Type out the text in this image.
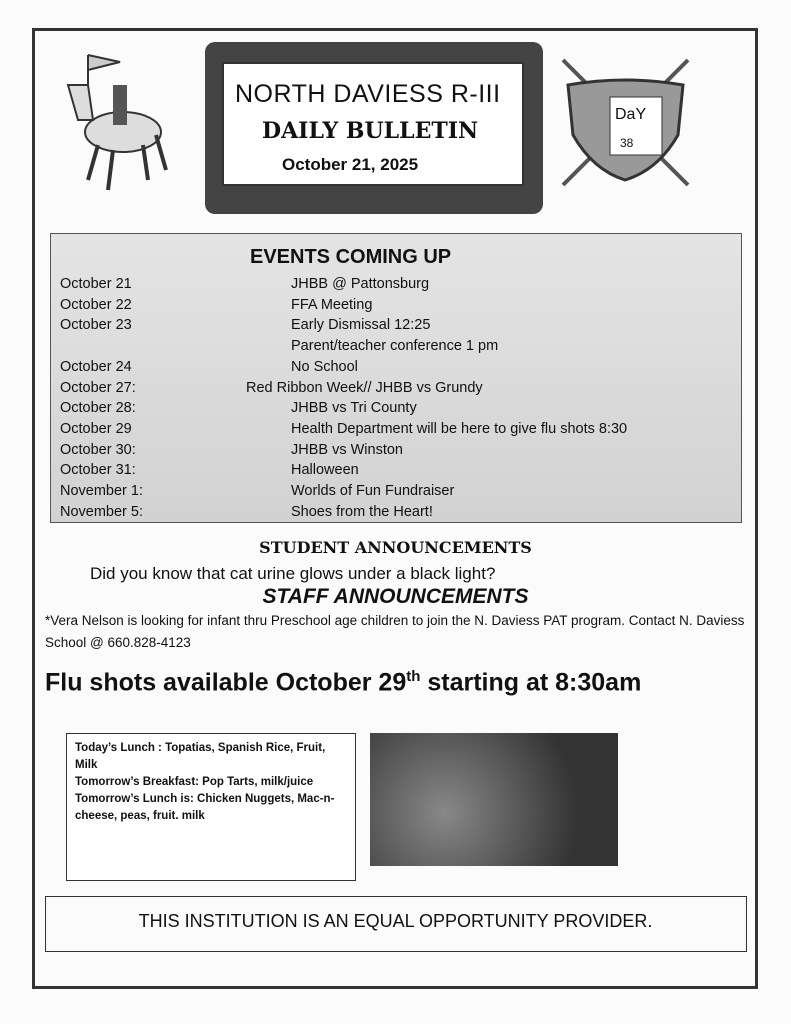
NORTH DAVIESS R-III
DAILY BULLETIN
October 21, 2025
DaY
38
EVENTS COMING UP
October 21	JHBB @ Pattonsburg
October 22	FFA Meeting
October 23	Early Dismissal 12:25
Parent/teacher conference 1 pm
October 24	No School
October 27:	Red Ribbon Week// JHBB vs Grundy
October 28:	JHBB vs Tri County
October 29	Health Department will be here to give flu shots 8:30
October 30:	JHBB vs Winston
October 31:	Halloween
November 1:	Worlds of Fun Fundraiser
November 5:	Shoes from the Heart!
STUDENT ANNOUNCEMENTS
Did you know that cat urine glows under a black light?
STAFF ANNOUNCEMENTS
*Vera Nelson is looking for infant thru Preschool age children to join the N. Daviess PAT program. Contact N. Daviess School @ 660.828-4123
Flu shots available October 29th starting at 8:30am

Today’s Lunch : Topatias, Spanish Rice, Fruit, Milk

Tomorrow’s Breakfast: Pop Tarts, milk/juice

Tomorrow’s Lunch is: Chicken Nuggets, Mac-n-cheese, peas, fruit. milk

THIS INSTITUTION IS AN EQUAL OPPORTUNITY PROVIDER.
